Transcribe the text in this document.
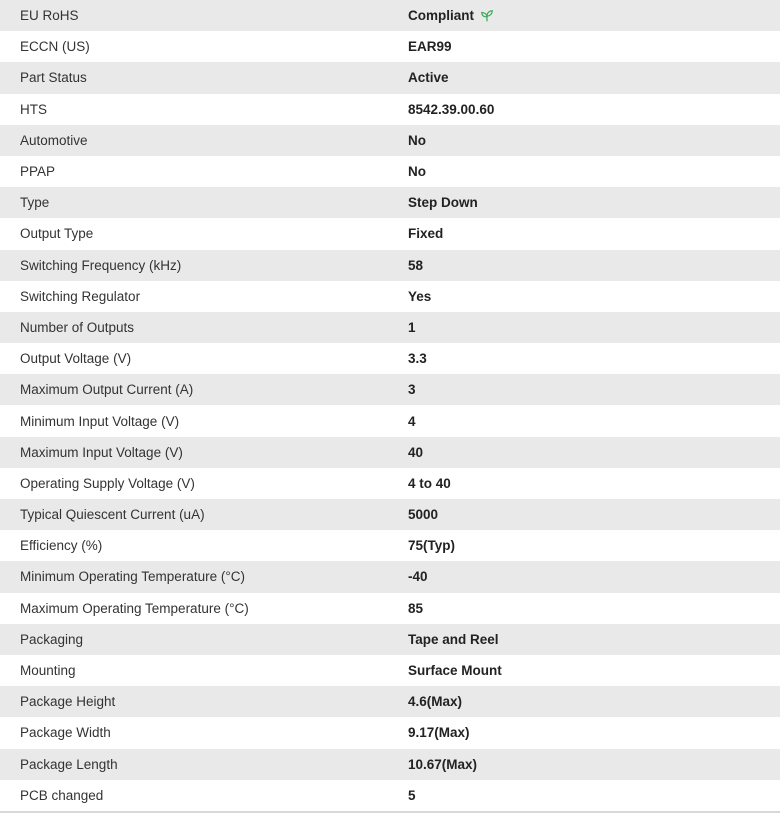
EU RoHS	Compliant
ECCN (US)	EAR99
Part Status	Active
HTS	8542.39.00.60
Automotive	No
PPAP	No
Type	Step Down
Output Type	Fixed
Switching Frequency (kHz)	58
Switching Regulator	Yes
Number of Outputs	1
Output Voltage (V)	3.3
Maximum Output Current (A)	3
Minimum Input Voltage (V)	4
Maximum Input Voltage (V)	40
Operating Supply Voltage (V)	4 to 40
Typical Quiescent Current (uA)	5000
Efficiency (%)	75(Typ)
Minimum Operating Temperature (°C)	-40
Maximum Operating Temperature (°C)	85
Packaging	Tape and Reel
Mounting	Surface Mount
Package Height	4.6(Max)
Package Width	9.17(Max)
Package Length	10.67(Max)
PCB changed	5
